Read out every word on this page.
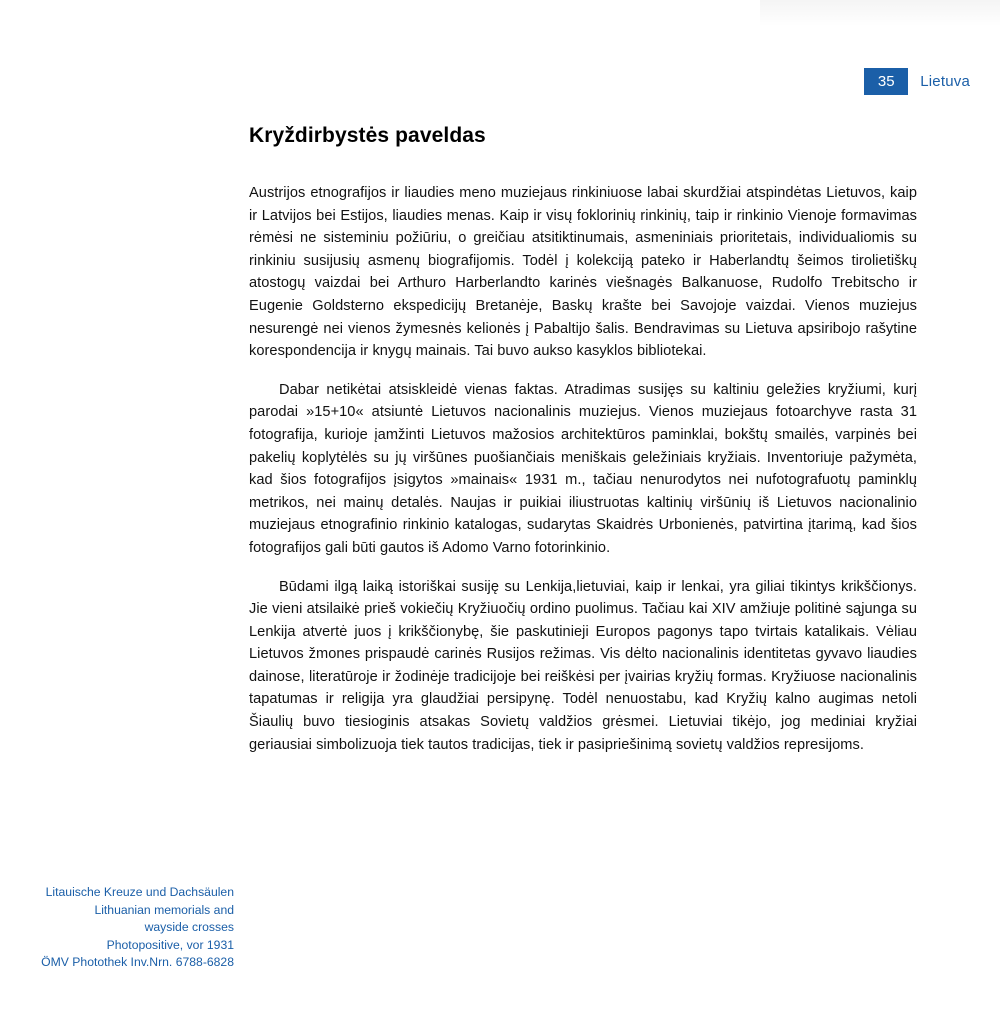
35	Lietuva
Kryždirbystės paveldas

Austrijos etnografijos ir liaudies meno muziejaus rinkiniuose labai skurdžiai atspindėtas Lietuvos, kaip ir Latvijos bei Estijos, liaudies menas. Kaip ir visų foklorinių rinkinių, taip ir rinkinio Vienoje formavimas rėmėsi ne sisteminiu požiūriu, o greičiau atsitiktinumais, asmeniniais prioritetais, individualiomis su rinkiniu susijusių asmenų biografijomis. Todėl į kolekciją pateko ir Haberlandtų šeimos tirolietiškų atostogų vaizdai bei Arthuro Harberlandto karinės viešnagės Balkanuose, Rudolfo Trebitscho ir Eugenie Goldsterno ekspedicijų Bretanėje, Baskų krašte bei Savojoje vaizdai. Vienos muziejus nesurengė nei vienos žymesnės kelionės į Pabaltijo šalis. Bendravimas su Lietuva apsiribojo rašytine korespondencija ir knygų mainais. Tai buvo aukso kasyklos bibliotekai.

Dabar netikėtai atsiskleidė vienas faktas. Atradimas susijęs su kaltiniu geležies kryžiumi, kurį parodai »15+10« atsiuntė Lietuvos nacionalinis muziejus. Vienos muziejaus fotoarchyve rasta 31 fotografija, kurioje įamžinti Lietuvos mažosios architektūros paminklai, bokštų smailės, varpinės bei pakelių koplytėlės su jų viršūnes puošiančiais meniškais geležiniais kryžiais. Inventoriuje pažymėta, kad šios fotografijos įsigytos »mainais« 1931 m., tačiau nenurodytos nei nufotografuotų paminklų metrikos, nei mainų detalės. Naujas ir puikiai iliustruotas kaltinių viršūnių iš Lietuvos nacionalinio muziejaus etnografinio rinkinio katalogas, sudarytas Skaidrės Urbonienės, patvirtina įtarimą, kad šios fotografijos gali būti gautos iš Adomo Varno fotorinkinio.

Būdami ilgą laiką istoriškai susiję su Lenkija,lietuviai, kaip ir lenkai, yra giliai tikintys krikščionys. Jie vieni atsilaikė prieš vokiečių Kryžiuočių ordino puolimus. Tačiau kai XIV amžiuje politinė sąjunga su Lenkija atvertė juos į krikščionybę, šie paskutinieji Europos pagonys tapo tvirtais katalikais. Vėliau Lietuvos žmones prispaudė carinės Rusijos režimas. Vis dėlto nacionalinis identitetas gyvavo liaudies dainose, literatūroje ir žodinėje tradicijoje bei reiškėsi per įvairias kryžių formas. Kryžiuose nacionalinis tapatumas ir religija yra glaudžiai persipynę. Todėl nenuostabu, kad Kryžių kalno augimas netoli Šiaulių buvo tiesioginis atsakas Sovietų valdžios grėsmei. Lietuviai tikėjo, jog mediniai kryžiai geriausiai simbolizuoja tiek tautos tradicijas, tiek ir pasipriešinimą sovietų valdžios represijoms.

Litauische Kreuze und Dachsäulen
Lithuanian memorials and
wayside crosses
Photopositive, vor 1931
ÖMV Photothek Inv.Nrn. 6788-6828
